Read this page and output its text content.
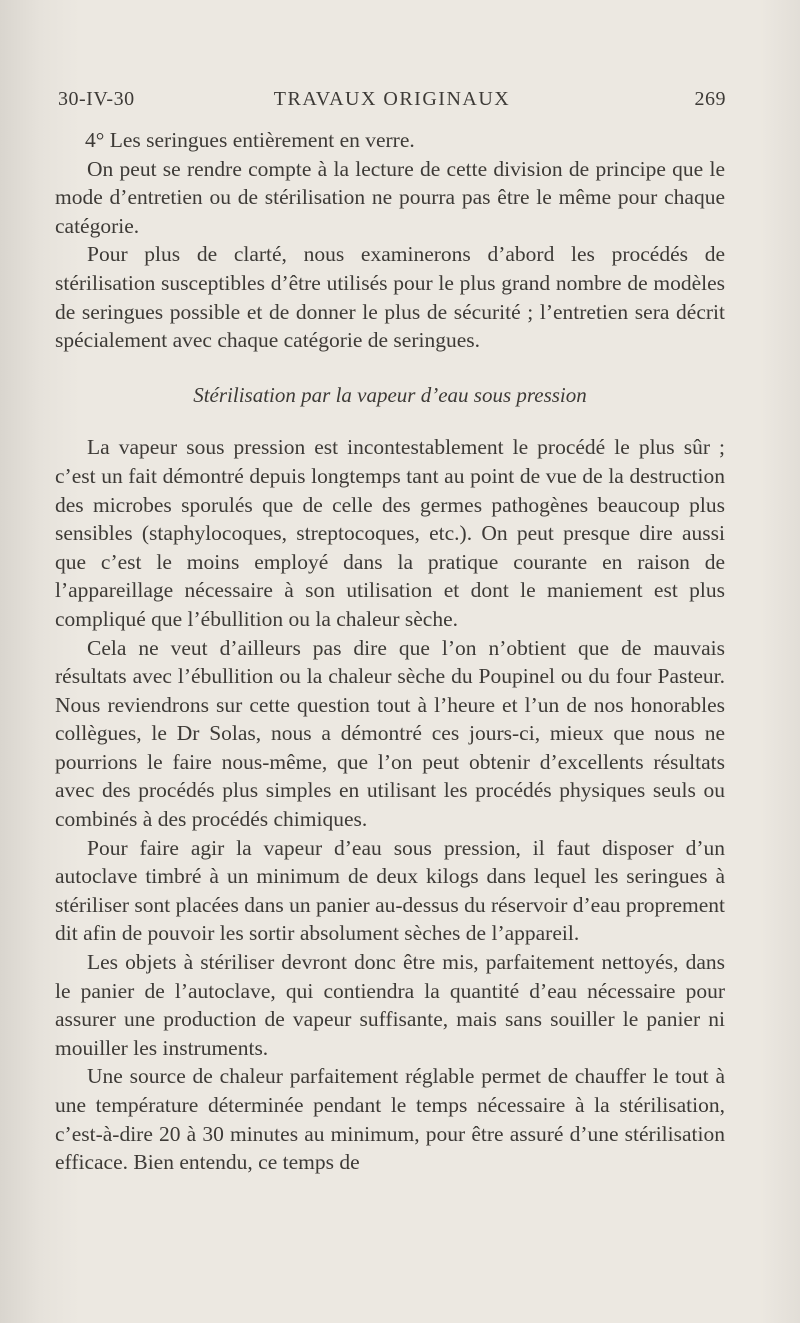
TRAVAUX ORIGINAUX
30-IV-30	269

4° Les seringues entièrement en verre.

On peut se rendre compte à la lecture de cette division de principe que le mode d’entretien ou de stérilisation ne pourra pas être le même pour chaque catégorie.

Pour plus de clarté, nous examinerons d’abord les procédés de stérilisation susceptibles d’être utilisés pour le plus grand nombre de modèles de seringues possible et de donner le plus de sécurité ; l’entretien sera décrit spécialement avec chaque catégorie de seringues.

Stérilisation par la vapeur d’eau sous pression

La vapeur sous pression est incontestablement le procédé le plus sûr ; c’est un fait démontré depuis longtemps tant au point de vue de la destruction des microbes sporulés que de celle des germes pathogènes beaucoup plus sensibles (staphylocoques, streptocoques, etc.). On peut presque dire aussi que c’est le moins employé dans la pratique courante en raison de l’appareillage nécessaire à son utilisation et dont le maniement est plus compliqué que l’ébullition ou la chaleur sèche.

Cela ne veut d’ailleurs pas dire que l’on n’obtient que de mauvais résultats avec l’ébullition ou la chaleur sèche du Poupinel ou du four Pasteur. Nous reviendrons sur cette question tout à l’heure et l’un de nos honorables collègues, le Dr Solas, nous a démontré ces jours-ci, mieux que nous ne pourrions le faire nous-même, que l’on peut obtenir d’excellents résultats avec des procédés plus simples en utilisant les procédés physiques seuls ou combinés à des procédés chimiques.

Pour faire agir la vapeur d’eau sous pression, il faut disposer d’un autoclave timbré à un minimum de deux kilogs dans lequel les seringues à stériliser sont placées dans un panier au-dessus du réservoir d’eau proprement dit afin de pouvoir les sortir absolument sèches de l’appareil.

Les objets à stériliser devront donc être mis, parfaitement nettoyés, dans le panier de l’autoclave, qui contiendra la quantité d’eau nécessaire pour assurer une production de vapeur suffisante, mais sans souiller le panier ni mouiller les instruments.

Une source de chaleur parfaitement réglable permet de chauffer le tout à une température déterminée pendant le temps nécessaire à la stérilisation, c’est-à-dire 20 à 30 minutes au minimum, pour être assuré d’une stérilisation efficace. Bien entendu, ce temps de
